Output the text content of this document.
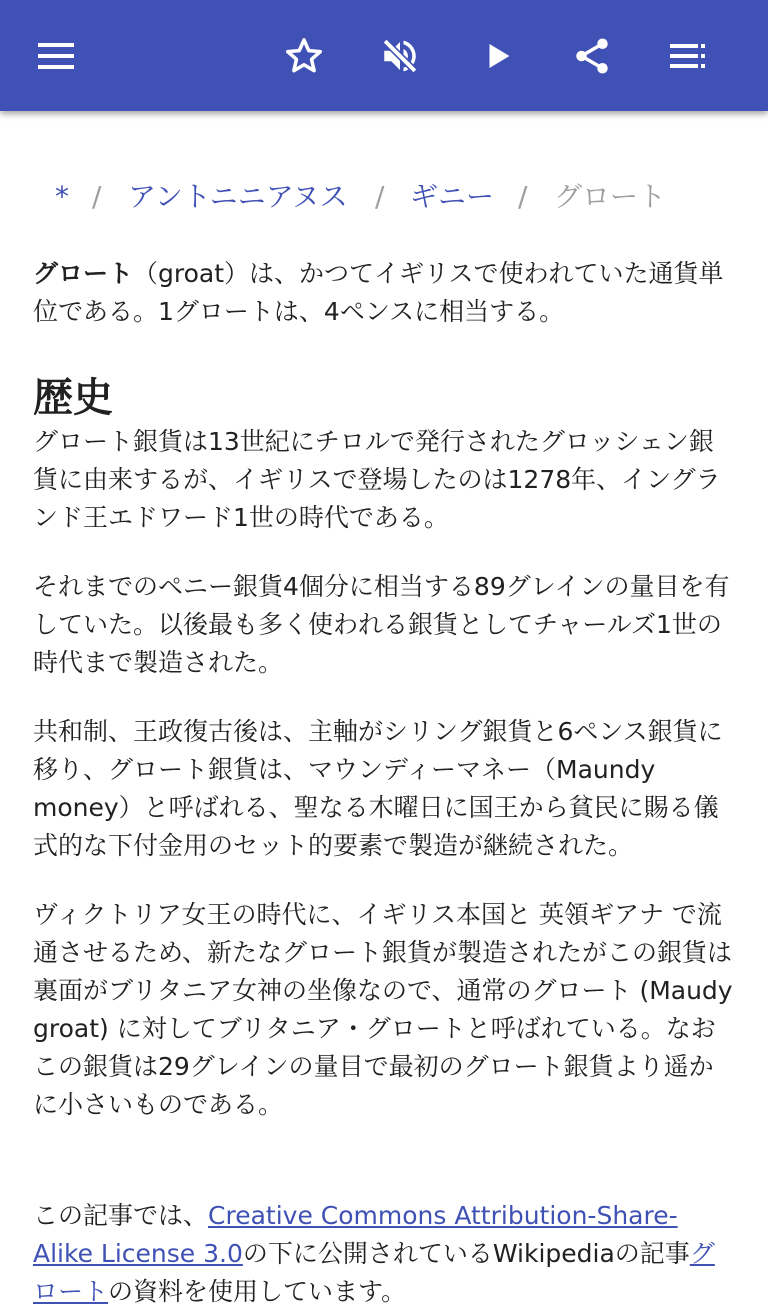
* / アントニニアヌス / ギニー / グロート

グロート（groat）は、かつてイギリスで使われていた通貨単位である。1グロートは、4ペンスに相当する。

歴史

グロート銀貨は13世紀にチロルで発行されたグロッシェン銀貨に由来するが、イギリスで登場したのは1278年、イングランド王エドワード1世の時代である。

それまでのペニー銀貨4個分に相当する89グレインの量目を有していた。以後最も多く使われる銀貨としてチャールズ1世の時代まで製造された。

共和制、王政復古後は、主軸がシリング銀貨と6ペンス銀貨に移り、グロート銀貨は、マウンディーマネー（Maundy money）と呼ばれる、聖なる木曜日に国王から貧民に賜る儀式的な下付金用のセット的要素で製造が継続された。

ヴィクトリア女王の時代に、イギリス本国と 英領ギアナ で流通させるため、新たなグロート銀貨が製造されたがこの銀貨は裏面がブリタニア女神の坐像なので、通常のグロート (Maudy groat) に対してブリタニア・グロートと呼ばれている。なおこの銀貨は29グレインの量目で最初のグロート銀貨より遥かに小さいものである。

この記事では、Creative Commons Attribution-Share-Alike License 3.0の下に公開されているWikipediaの記事グロートの資料を使用しています。
